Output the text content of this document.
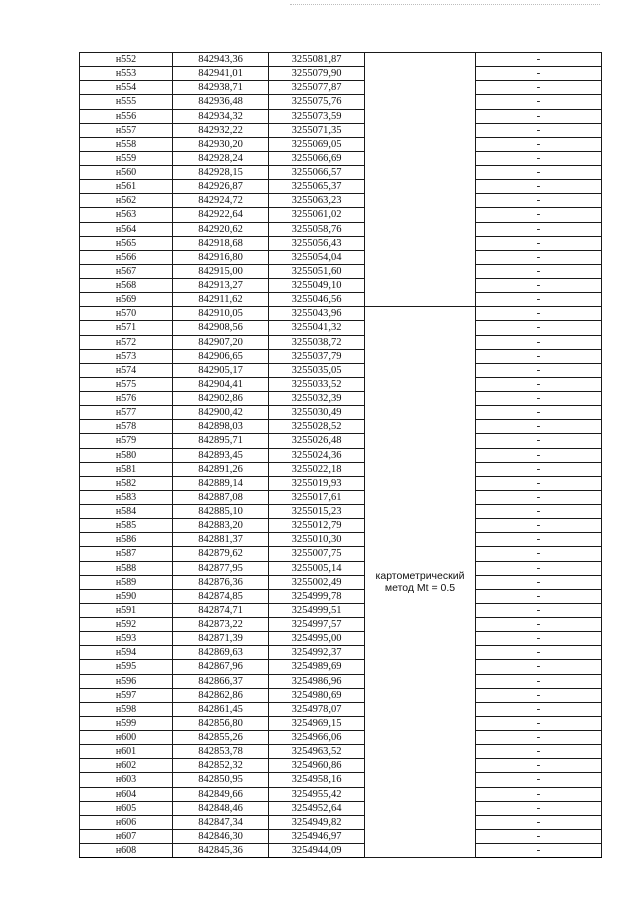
н552	842943,36	3255081,87		-
н553	842941,01	3255079,90		-
н554	842938,71	3255077,87		-
н555	842936,48	3255075,76		-
н556	842934,32	3255073,59		-
н557	842932,22	3255071,35		-
н558	842930,20	3255069,05		-
н559	842928,24	3255066,69		-
н560	842928,15	3255066,57		-
н561	842926,87	3255065,37		-
н562	842924,72	3255063,23		-
н563	842922,64	3255061,02		-
н564	842920,62	3255058,76		-
н565	842918,68	3255056,43		-
н566	842916,80	3255054,04		-
н567	842915,00	3255051,60		-
н568	842913,27	3255049,10		-
н569	842911,62	3255046,56		-
н570	842910,05	3255043,96	картометрический метод Mt = 0.5	-
н571	842908,56	3255041,32		-
н572	842907,20	3255038,72		-
н573	842906,65	3255037,79		-
н574	842905,17	3255035,05		-
н575	842904,41	3255033,52		-
н576	842902,86	3255032,39		-
н577	842900,42	3255030,49		-
н578	842898,03	3255028,52		-
н579	842895,71	3255026,48		-
н580	842893,45	3255024,36		-
н581	842891,26	3255022,18		-
н582	842889,14	3255019,93		-
н583	842887,08	3255017,61		-
н584	842885,10	3255015,23		-
н585	842883,20	3255012,79		-
н586	842881,37	3255010,30		-
н587	842879,62	3255007,75		-
н588	842877,95	3255005,14		-
н589	842876,36	3255002,49		-
н590	842874,85	3254999,78		-
н591	842874,71	3254999,51		-
н592	842873,22	3254997,57		-
н593	842871,39	3254995,00		-
н594	842869,63	3254992,37		-
н595	842867,96	3254989,69		-
н596	842866,37	3254986,96		-
н597	842862,86	3254980,69		-
н598	842861,45	3254978,07		-
н599	842856,80	3254969,15		-
н600	842855,26	3254966,06		-
н601	842853,78	3254963,52		-
н602	842852,32	3254960,86		-
н603	842850,95	3254958,16		-
н604	842849,66	3254955,42		-
н605	842848,46	3254952,64		-
н606	842847,34	3254949,82		-
н607	842846,30	3254946,97		-
н608	842845,36	3254944,09		-
